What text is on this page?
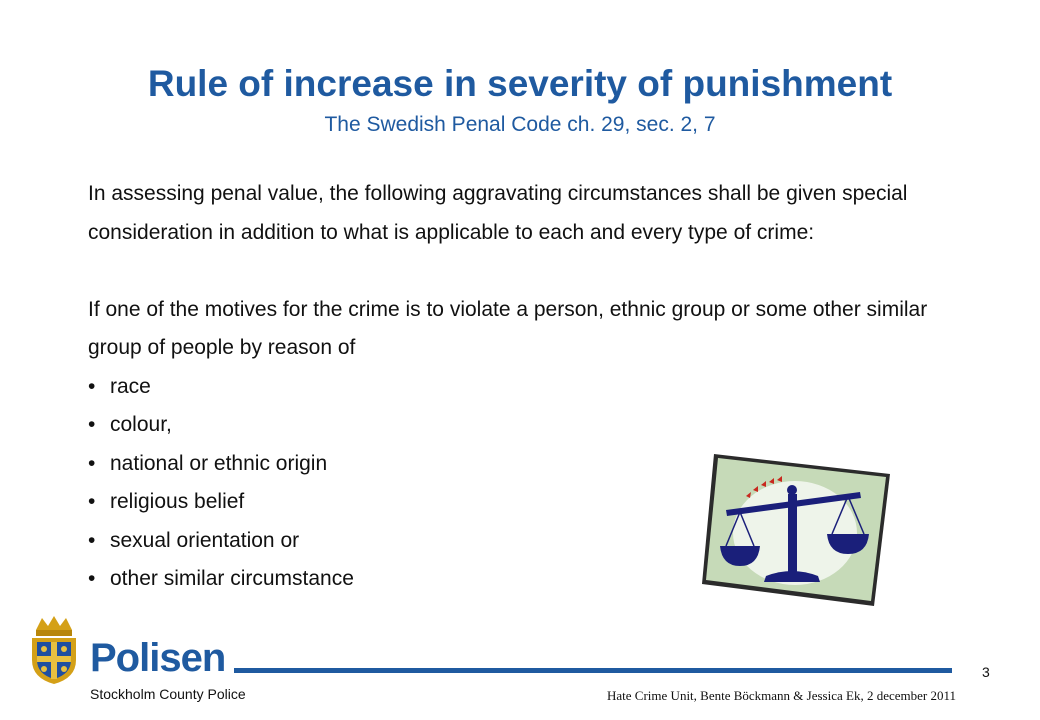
Rule of increase in severity of punishment
The Swedish Penal Code ch. 29, sec. 2, 7

In assessing penal value, the following aggravating circumstances shall be given special consideration in addition to what is applicable to each and every type of crime:

If one of the motives for the crime is to violate a person, ethnic group or some other similar group of people by reason of

• race
• colour,
• national or ethnic origin
• religious belief
• sexual orientation or
• other similar circumstance
Polisen
Stockholm County Police	Hate Crime Unit, Bente Böckmann & Jessica Ek, 2 december 2011
3
